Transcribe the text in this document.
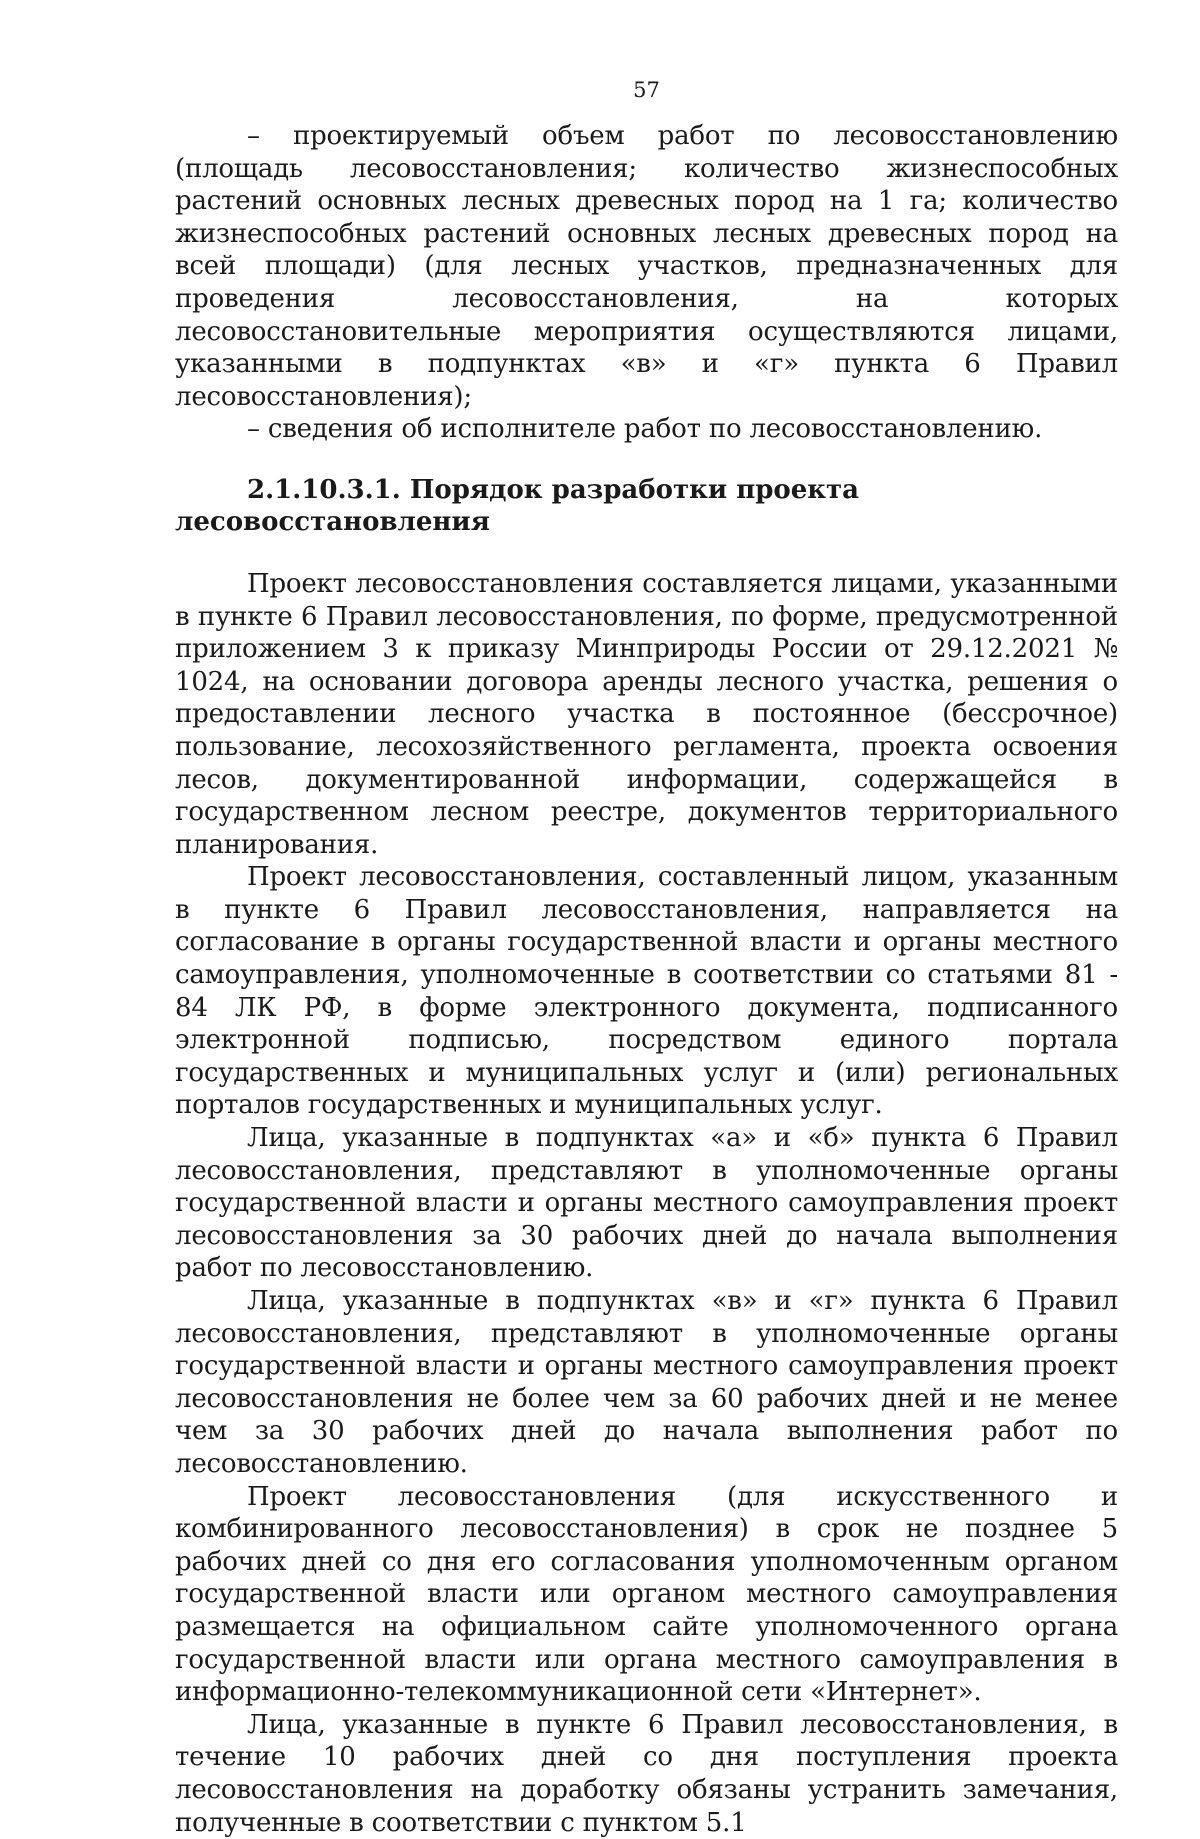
57

– проектируемый объем работ по лесовосстановлению (площадь лесовосстановления; количество жизнеспособных растений основных лесных древесных пород на 1 га; количество жизнеспособных растений основных лесных древесных пород на всей площади) (для лесных участков, предназначенных для проведения лесовосстановления, на которых лесовосстановительные мероприятия осуществляются лицами, указанными в подпунктах «в» и «г» пункта 6 Правил лесовосстановления);

– сведения об исполнителе работ по лесовосстановлению.

2.1.10.3.1. Порядок разработки проекта лесовосстановления

Проект лесовосстановления составляется лицами, указанными в пункте 6 Правил лесовосстановления, по форме, предусмотренной приложением 3 к приказу Минприроды России от 29.12.2021 № 1024, на основании договора аренды лесного участка, решения о предоставлении лесного участка в постоянное (бессрочное) пользование, лесохозяйственного регламента, проекта освоения лесов, документированной информации, содержащейся в государственном лесном реестре, документов территориального планирования.

Проект лесовосстановления, составленный лицом, указанным в пункте 6 Правил лесовосстановления, направляется на согласование в органы государственной власти и органы местного самоуправления, уполномоченные в соответствии со статьями 81 - 84 ЛК РФ, в форме электронного документа, подписанного электронной подписью, посредством единого портала государственных и муниципальных услуг и (или) региональных порталов государственных и муниципальных услуг.

Лица, указанные в подпунктах «а» и «б» пункта 6 Правил лесовосстановления, представляют в уполномоченные органы государственной власти и органы местного самоуправления проект лесовосстановления за 30 рабочих дней до начала выполнения работ по лесовосстановлению.

Лица, указанные в подпунктах «в» и «г» пункта 6 Правил лесовосстановления, представляют в уполномоченные органы государственной власти и органы местного самоуправления проект лесовосстановления не более чем за 60 рабочих дней и не менее чем за 30 рабочих дней до начала выполнения работ по лесовосстановлению.

Проект лесовосстановления (для искусственного и комбинированного лесовосстановления) в срок не позднее 5 рабочих дней со дня его согласования уполномоченным органом государственной власти или органом местного самоуправления размещается на официальном сайте уполномоченного органа государственной власти или органа местного самоуправления в информационно-телекоммуникационной сети «Интернет».

Лица, указанные в пункте 6 Правил лесовосстановления, в течение 10 рабочих дней со дня поступления проекта лесовосстановления на доработку обязаны устранить замечания, полученные в соответствии с пунктом 5.1
